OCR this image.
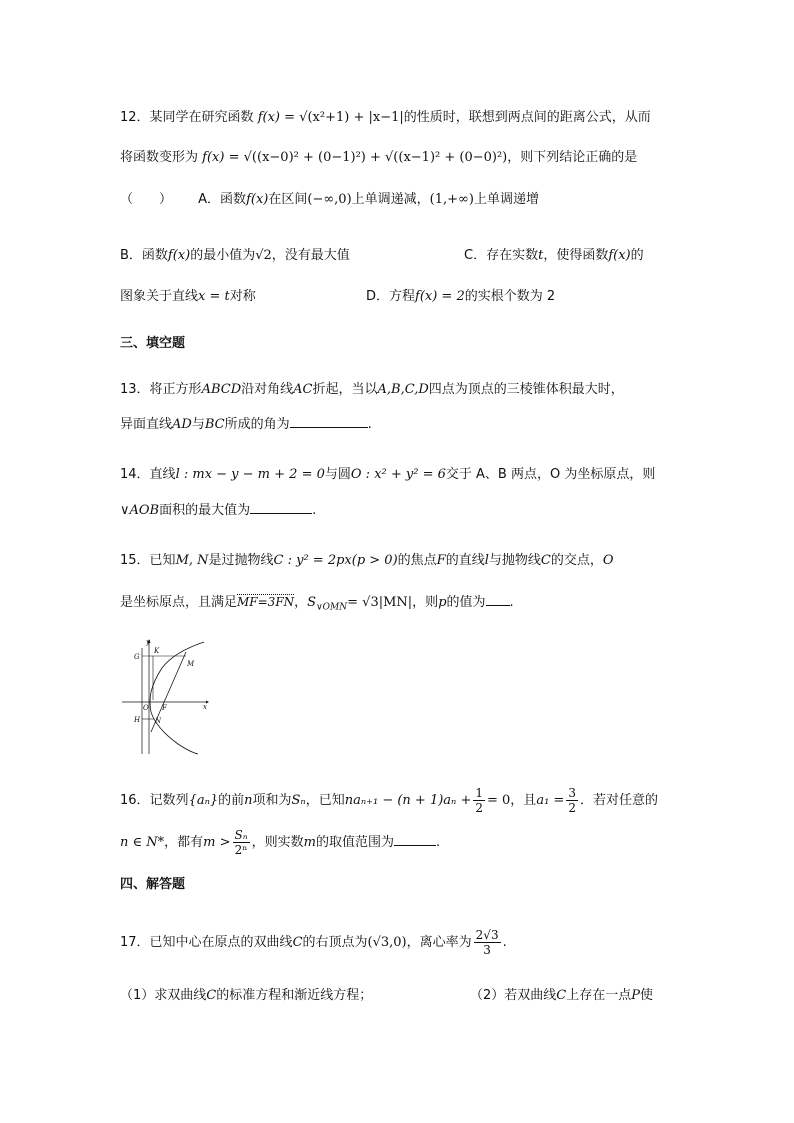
12．某同学在研究函数 f(x) = √(x²+1) + |x−1|的性质时，联想到两点间的距离公式，从而
将函数变形为 f(x) = √((x−0)² + (0−1)²) + √((x−1)² + (0−0)²)，则下列结论正确的是
（　　） A．函数f(x)在区间(−∞,0)上单调递减，(1,+∞)上单调递增
B．函数f(x)的最小值为√2，没有最大值	C．存在实数t，使得函数f(x)的
图象关于直线x = t对称	D．方程f(x) = 2的实根个数为 2
三、填空题
13．将正方形ABCD沿对角线AC折起，当以A,B,C,D四点为顶点的三棱锥体积最大时，
异面直线AD与BC所成的角为	.
14．直线l : mx − y − m + 2 = 0与圆O : x² + y² = 6交于 A、B 两点，O 为坐标原点，则
∨AOB面积的最大值为	.
15．已知M, N是过抛物线C : y² = 2px(p > 0)的焦点F的直线l与抛物线C的交点，O
是坐标原点，且满足MF=3FN，$S_{\vee OMN}= √3|MN|$，则p的值为 .
y
K
G
M
O F	x
H N
16．记数列{aₙ}的前n项和为Sₙ，已知$na_{n+1} - (n + 1)a_n + \frac{1}{2} = 0$，且$a_1 = \frac{3}{2}$ ．若对任意的
n ∈ N*，都有$m > \frac{\text{Sₙ}}{\text{2ⁿ}}$ ，则实数m的取值范围为	.
四、解答题
17．已知中心在原点的双曲线C的右顶点为(√3,0)，离心率为 $\frac{2√3}{3}$ .
（1）求双曲线C的标准方程和渐近线方程；	（2）若双曲线C上存在一点P使
